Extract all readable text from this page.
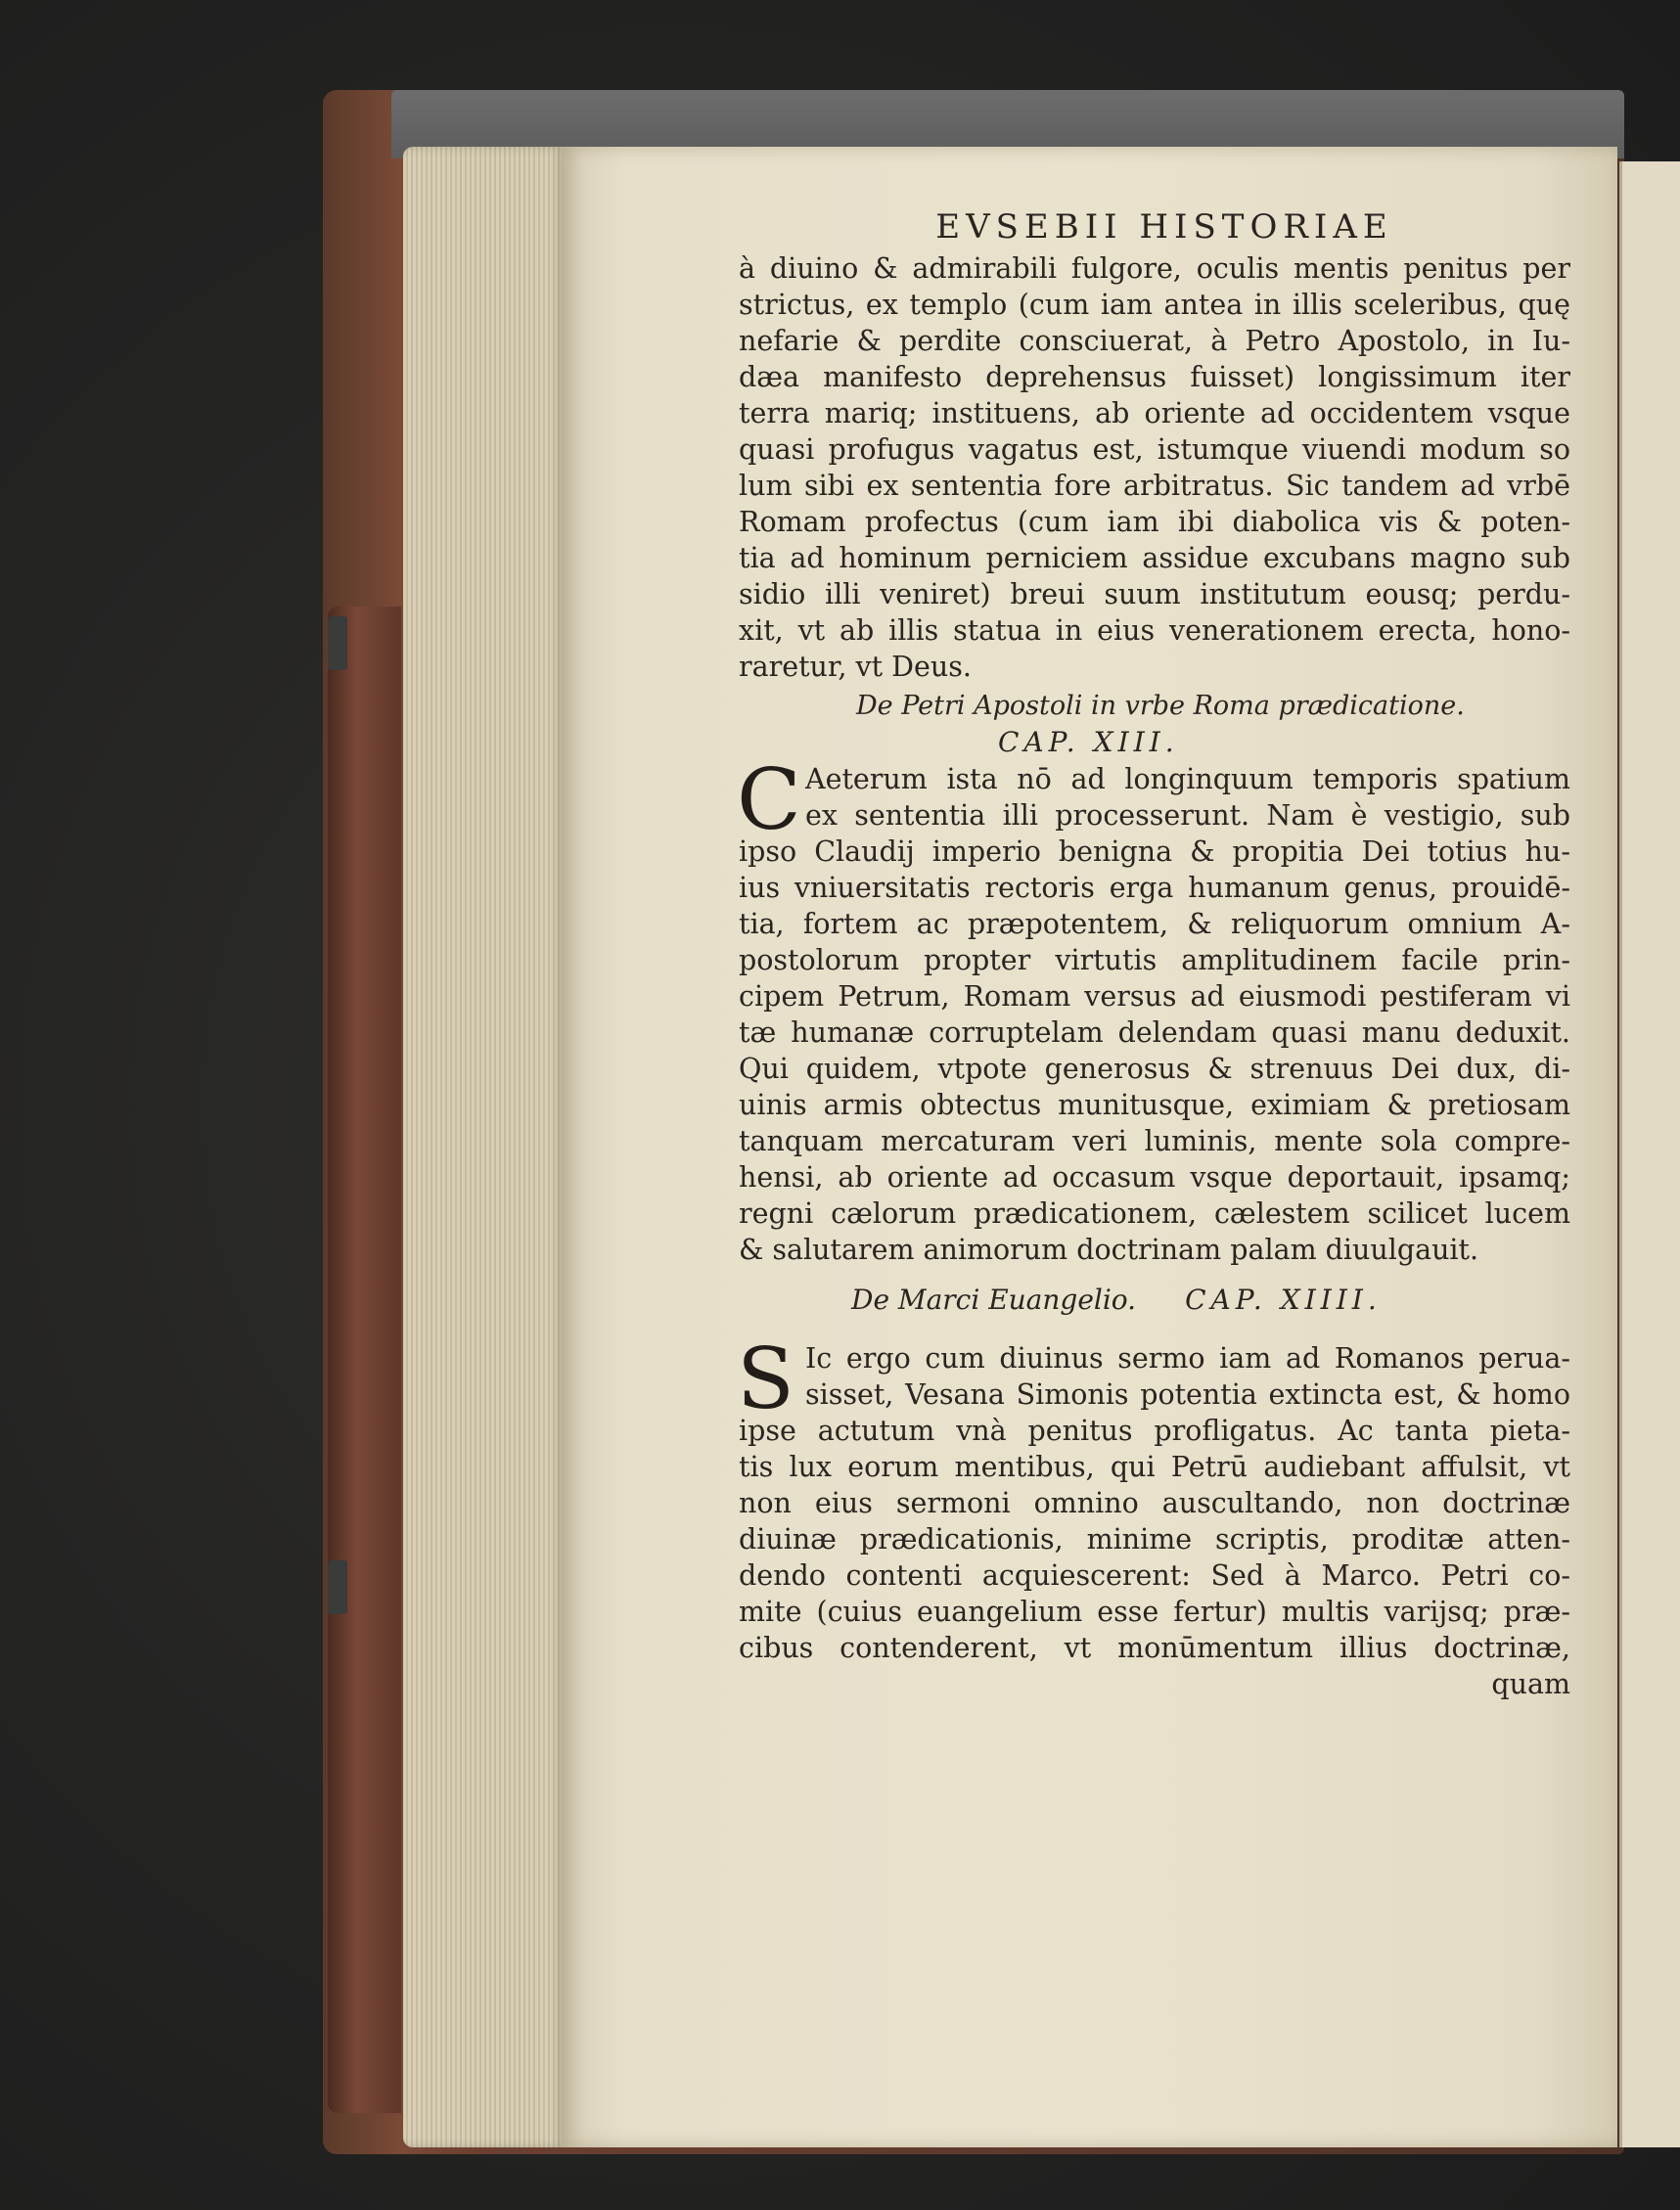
EVSEBII HISTORIAE
à diuino & admirabili fulgore, oculis mentis penitus per
strictus, ex templo (cum iam antea in illis sceleribus, quę
nefarie & perdite consciuerat, à Petro Apostolo, in Iu-
dæa manifesto deprehensus fuisset) longissimum iter
terra mariq; instituens, ab oriente ad occidentem vsque
quasi profugus vagatus est, istumque viuendi modum so
lum sibi ex sententia fore arbitratus. Sic tandem ad vrbē
Romam profectus (cum iam ibi diabolica vis & poten-
tia ad hominum perniciem assidue excubans magno sub
sidio illi veniret) breui suum institutum eousq; perdu-
xit, vt ab illis statua in eius venerationem erecta, hono-
raretur, vt Deus.
De Petri Apostoli in vrbe Roma prædicatione.
CAP. XIII.
C Aeterum ista nō ad longinquum temporis spatium
ex sententia illi processerunt. Nam è vestigio, sub
ipso Claudij imperio benigna & propitia Dei totius hu-
ius vniuersitatis rectoris erga humanum genus, prouidē-
tia, fortem ac præpotentem, & reliquorum omnium A-
postolorum propter virtutis amplitudinem facile prin-
cipem Petrum, Romam versus ad eiusmodi pestiferam vi
tæ humanæ corruptelam delendam quasi manu deduxit.
Qui quidem, vtpote generosus & strenuus Dei dux, di-
uinis armis obtectus munitusque, eximiam & pretiosam
tanquam mercaturam veri luminis, mente sola compre-
hensi, ab oriente ad occasum vsque deportauit, ipsamq;
regni cælorum prædicationem, cælestem scilicet lucem
& salutarem animorum doctrinam palam diuulgauit.
De Marci Euangelio. CAP. XIIII.
S Ic ergo cum diuinus sermo iam ad Romanos perua-
sisset, Vesana Simonis potentia extincta est, & homo
ipse actutum vnà penitus profligatus. Ac tanta pieta-
tis lux eorum mentibus, qui Petrū audiebant affulsit, vt
non eius sermoni omnino auscultando, non doctrinæ
diuinæ prædicationis, minime scriptis, proditæ atten-
dendo contenti acquiescerent: Sed à Marco. Petri co-
mite (cuius euangelium esse fertur) multis varijsq; præ-
cibus contenderent, vt monūmentum illius doctrinæ,
quam
